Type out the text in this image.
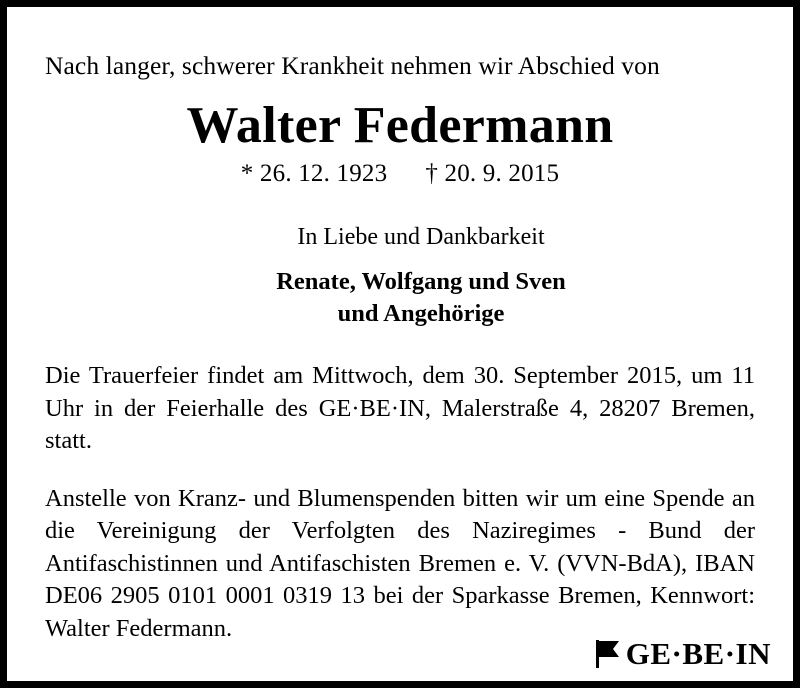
Nach langer, schwerer Krankheit nehmen wir Abschied von

Walter Federmann

* 26. 12. 1923 † 20. 9. 2015

In Liebe und Dankbarkeit
Renate, Wolfgang und Sven
und Angehörige

Die Trauerfeier findet am Mittwoch, dem 30. September 2015, um 11 Uhr in der Feierhalle des GE·BE·IN, Malerstraße 4, 28207 Bremen, statt.

Anstelle von Kranz- und Blumenspenden bitten wir um eine Spende an die Vereinigung der Verfolgten des Naziregimes - Bund der Antifaschistinnen und Antifaschisten Bremen e. V. (VVN-BdA), IBAN DE06 2905 0101 0001 0319 13 bei der Sparkasse Bremen, Kennwort: Walter Federmann.

GE·BE·IN
